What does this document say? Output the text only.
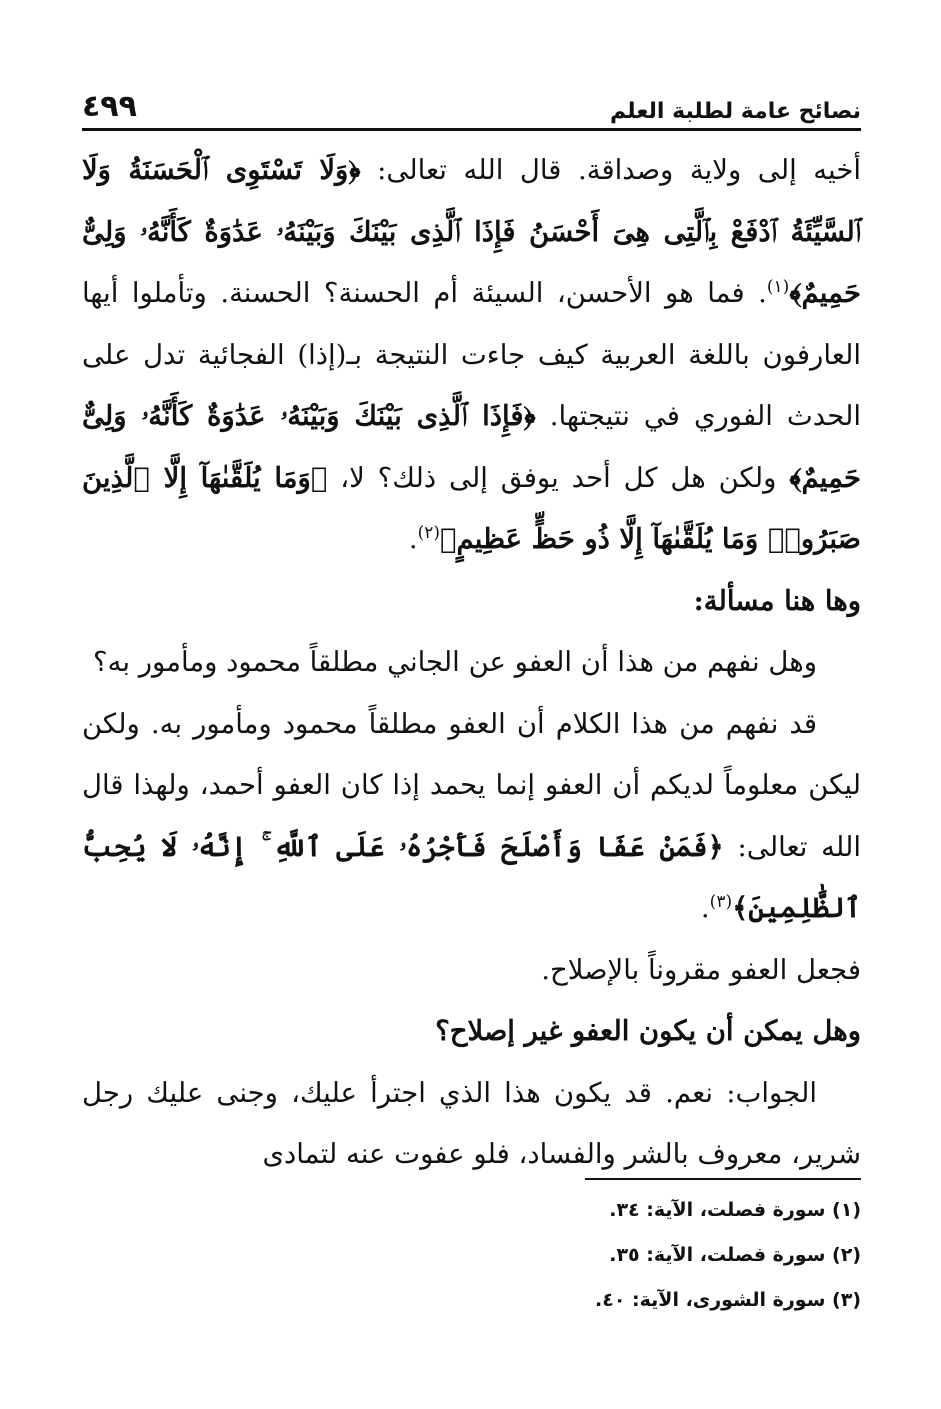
نصائح عامة لطلبة العلم
٤٩٩

أخيه إلى ولاية وصداقة. قال الله تعالى: ﴿وَلَا تَسْتَوِى ٱلْحَسَنَةُ وَلَا ٱلسَّيِّئَةُ ٱدْفَعْ بِٱلَّتِى هِىَ أَحْسَنُ فَإِذَا ٱلَّذِى بَيْنَكَ وَبَيْنَهُۥ عَدَٰوَةٌ كَأَنَّهُۥ وَلِىٌّ حَمِيمٌ﴾$^{(١)}$. فما هو الأحسن، السيئة أم الحسنة؟ الحسنة. وتأملوا أيها العارفون باللغة العربية كيف جاءت النتيجة بـ(إذا) الفجائية تدل على الحدث الفوري في نتيجتها. ﴿فَإِذَا ٱلَّذِى بَيْنَكَ وَبَيْنَهُۥ عَدَٰوَةٌ كَأَنَّهُۥ وَلِىٌّ حَمِيمٌ﴾ ولكن هل كل أحد يوفق إلى ذلك؟ لا، ﴿وَمَا يُلَقَّىٰهَآ إِلَّا ٱلَّذِينَ صَبَرُوا۟ وَمَا يُلَقَّىٰهَآ إِلَّا ذُو حَظٍّ عَظِيمٍ﴾$^{(٢)}$.

وها هنا مسألة:

وهل نفهم من هذا أن العفو عن الجاني مطلقاً محمود ومأمور به؟

قد نفهم من هذا الكلام أن العفو مطلقاً محمود ومأمور به. ولكن ليكن معلوماً لديكم أن العفو إنما يحمد إذا كان العفو أحمد، ولهذا قال الله تعالى: ﴿فَمَنْ عَفَا وَأَصْلَحَ فَأَجْرُهُۥ عَلَى ٱللَّهِ ۚ إِنَّهُۥ لَا يُحِبُّ ٱلظَّٰلِمِينَ﴾$^{(٣)}$.

فجعل العفو مقروناً بالإصلاح.

وهل يمكن أن يكون العفو غير إصلاح؟

الجواب: نعم. قد يكون هذا الذي اجترأ عليك، وجنى عليك رجل شرير، معروف بالشر والفساد، فلو عفوت عنه لتمادى

(١) سورة فصلت، الآية: ٣٤.
(٢) سورة فصلت، الآية: ٣٥.
(٣) سورة الشورى، الآية: ٤٠.
